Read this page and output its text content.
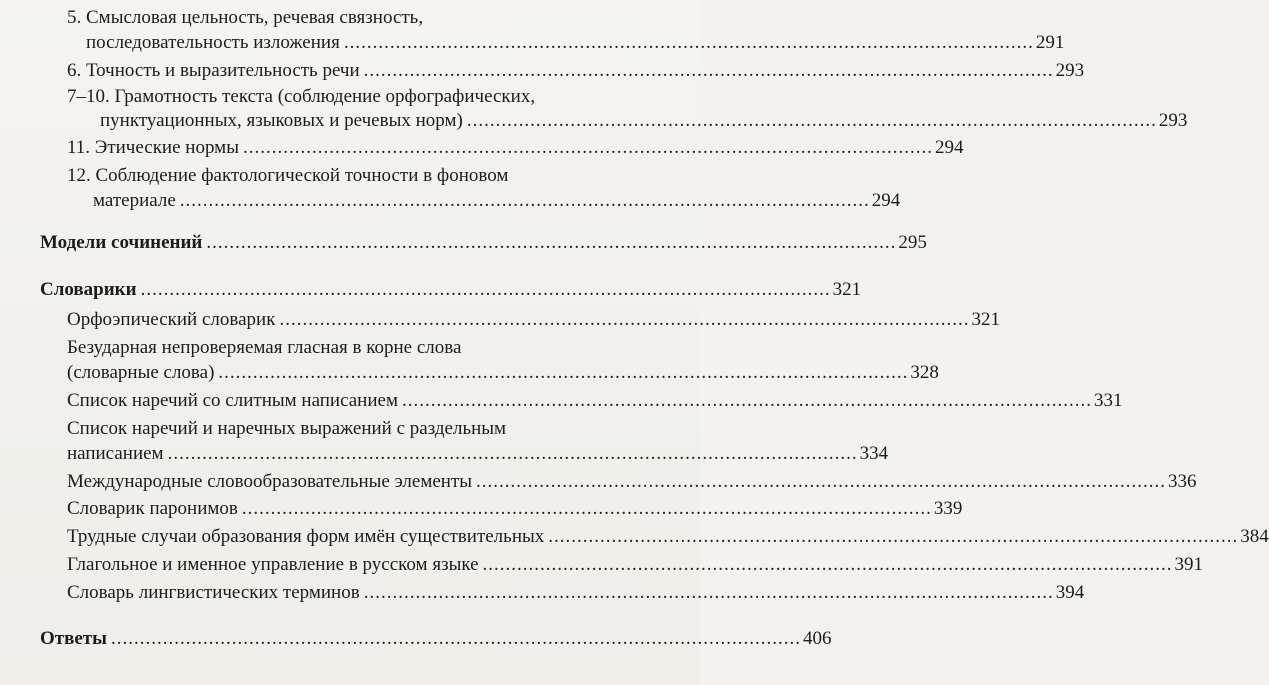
5. Смысловая цельность, речевая связность,
последовательность изложения ........................................................................................................................ 291
6. Точность и выразительность речи ........................................................................................................................ 293
7–10. Грамотность текста (соблюдение орфографических,
пунктуационных, языковых и речевых норм) ........................................................................................................................ 293
11. Этические нормы ........................................................................................................................ 294
12. Соблюдение фактологической точности в фоновом
материале ........................................................................................................................ 294
Модели сочинений ........................................................................................................................ 295
Словарики ........................................................................................................................ 321
Орфоэпический словарик ........................................................................................................................ 321
Безударная непроверяемая гласная в корне слова
(словарные слова) ........................................................................................................................ 328
Список наречий со слитным написанием ........................................................................................................................ 331
Список наречий и наречных выражений с раздельным
написанием ........................................................................................................................ 334
Международные словообразовательные элементы ........................................................................................................................ 336
Словарик паронимов ........................................................................................................................ 339
Трудные случаи образования форм имён существительных ........................................................................................................................ 384
Глагольное и именное управление в русском языке ........................................................................................................................ 391
Словарь лингвистических терминов ........................................................................................................................ 394
Ответы ........................................................................................................................ 406
